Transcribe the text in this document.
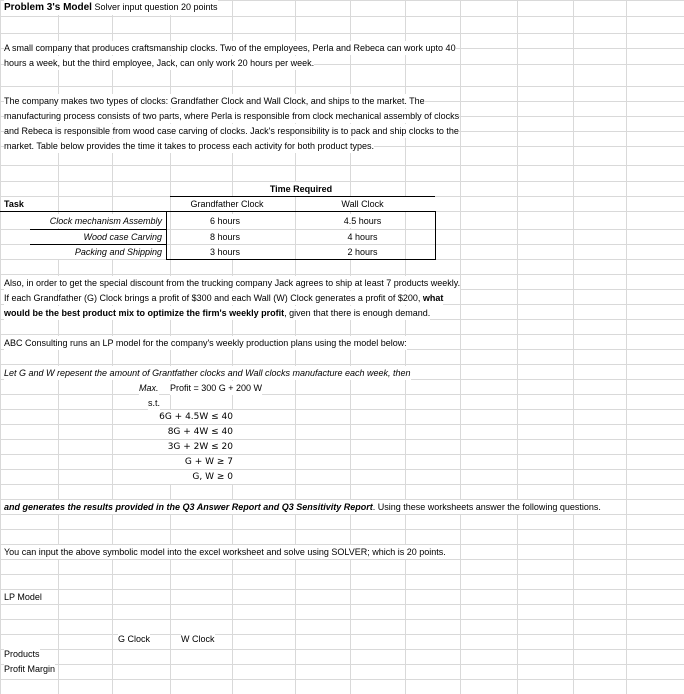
Problem 3's Model Solver input question 20 points
A small company that produces craftsmanship clocks. Two of the employees, Perla and Rebeca can work upto 40
hours a week, but the third employee, Jack, can only work 20 hours per week.
The company makes two types of clocks: Grandfather Clock and Wall Clock, and ships to the market. The
manufacturing process consists of two parts, where Perla is responsible from clock mechanical assembly of clocks
and Rebeca is responsible from wood case carving of clocks. Jack's responsibility is to pack and ship clocks to the
market. Table below provides the time it takes to process each activity for both product types.
Time Required
Task	Grandfather Clock	Wall Clock
Clock mechanism Assembly	6 hours	4.5 hours
Wood case Carving	8 hours	4 hours
Packing and Shipping	3 hours	2 hours
Also, in order to get the special discount from the trucking company Jack agrees to ship at least 7 products weekly.
If each Grandfather (G) Clock brings a profit of $300 and each Wall (W) Clock generates a profit of $200, what
would be the best product mix to optimize the firm's weekly profit, given that there is enough demand.
ABC Consulting runs an LP model for the company's weekly production plans using the model below:
Let G and W repesent the amount of Grantfather clocks and Wall clocks manufacture each week, then
Max. Profit = 300 G + 200 W
s.t.
6G + 4.5W ≤ 40
8G + 4W ≤ 40
3G + 2W ≤ 20
G + W ≥ 7
G, W ≥ 0
and generates the results provided in the Q3 Answer Report and Q3 Sensitivity Report. Using these worksheets answer the following questions.
You can input the above symbolic model into the excel worksheet and solve using SOLVER; which is 20 points.
LP Model
G Clock	W Clock
Products
Profit Margin
